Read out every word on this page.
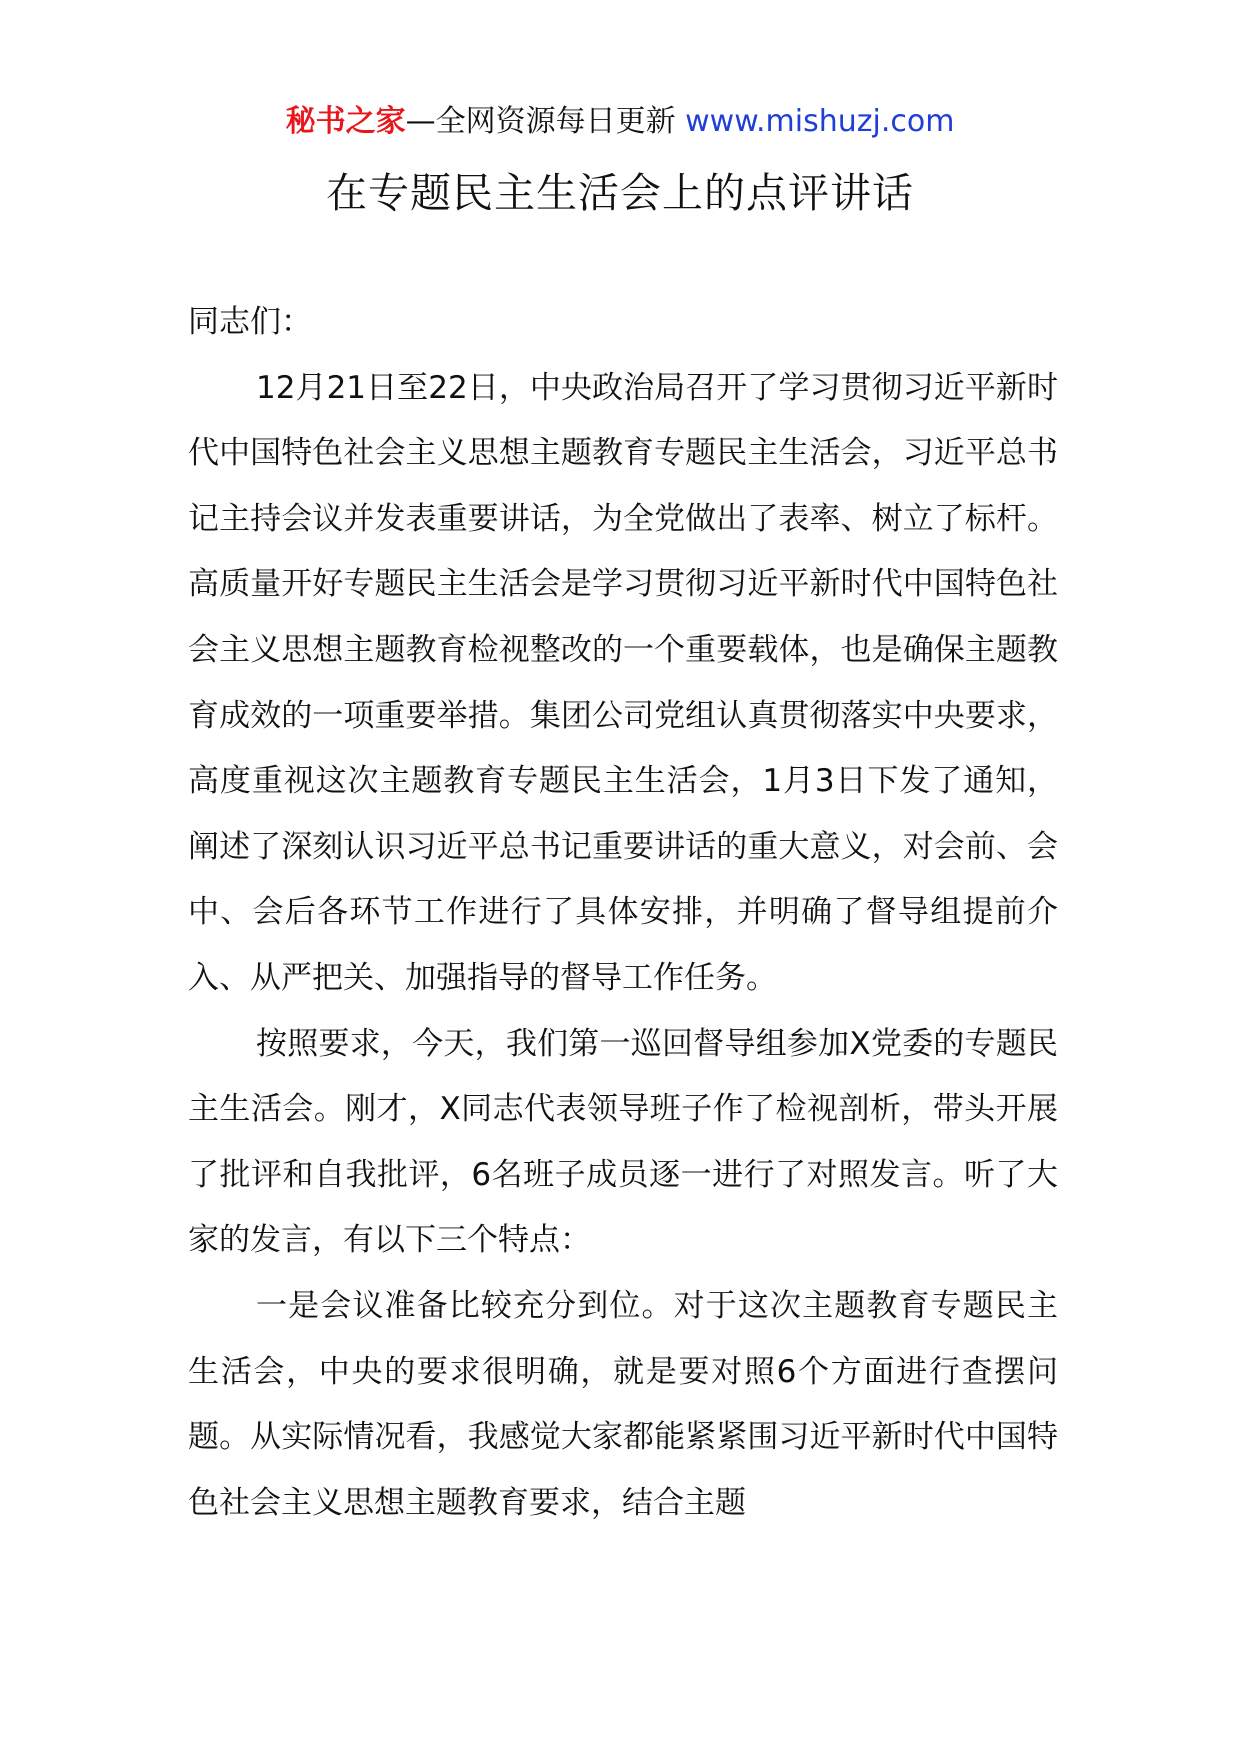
秘书之家—全网资源每日更新 www.mishuzj.com
在专题民主生活会上的点评讲话

同志们：

12月21日至22日，中央政治局召开了学习贯彻习近平新时代中国特色社会主义思想主题教育专题民主生活会，习近平总书记主持会议并发表重要讲话，为全党做出了表率、树立了标杆。高质量开好专题民主生活会是学习贯彻习近平新时代中国特色社会主义思想主题教育检视整改的一个重要载体，也是确保主题教育成效的一项重要举措。集团公司党组认真贯彻落实中央要求，高度重视这次主题教育专题民主生活会，1月3日下发了通知，阐述了深刻认识习近平总书记重要讲话的重大意义，对会前、会中、会后各环节工作进行了具体安排，并明确了督导组提前介入、从严把关、加强指导的督导工作任务。

按照要求，今天，我们第一巡回督导组参加X党委的专题民主生活会。刚才，X同志代表领导班子作了检视剖析，带头开展了批评和自我批评，6名班子成员逐一进行了对照发言。听了大家的发言，有以下三个特点：

一是会议准备比较充分到位。对于这次主题教育专题民主生活会，中央的要求很明确，就是要对照6个方面进行查摆问题。从实际情况看，我感觉大家都能紧紧围习近平新时代中国特色社会主义思想主题教育要求，结合主题
